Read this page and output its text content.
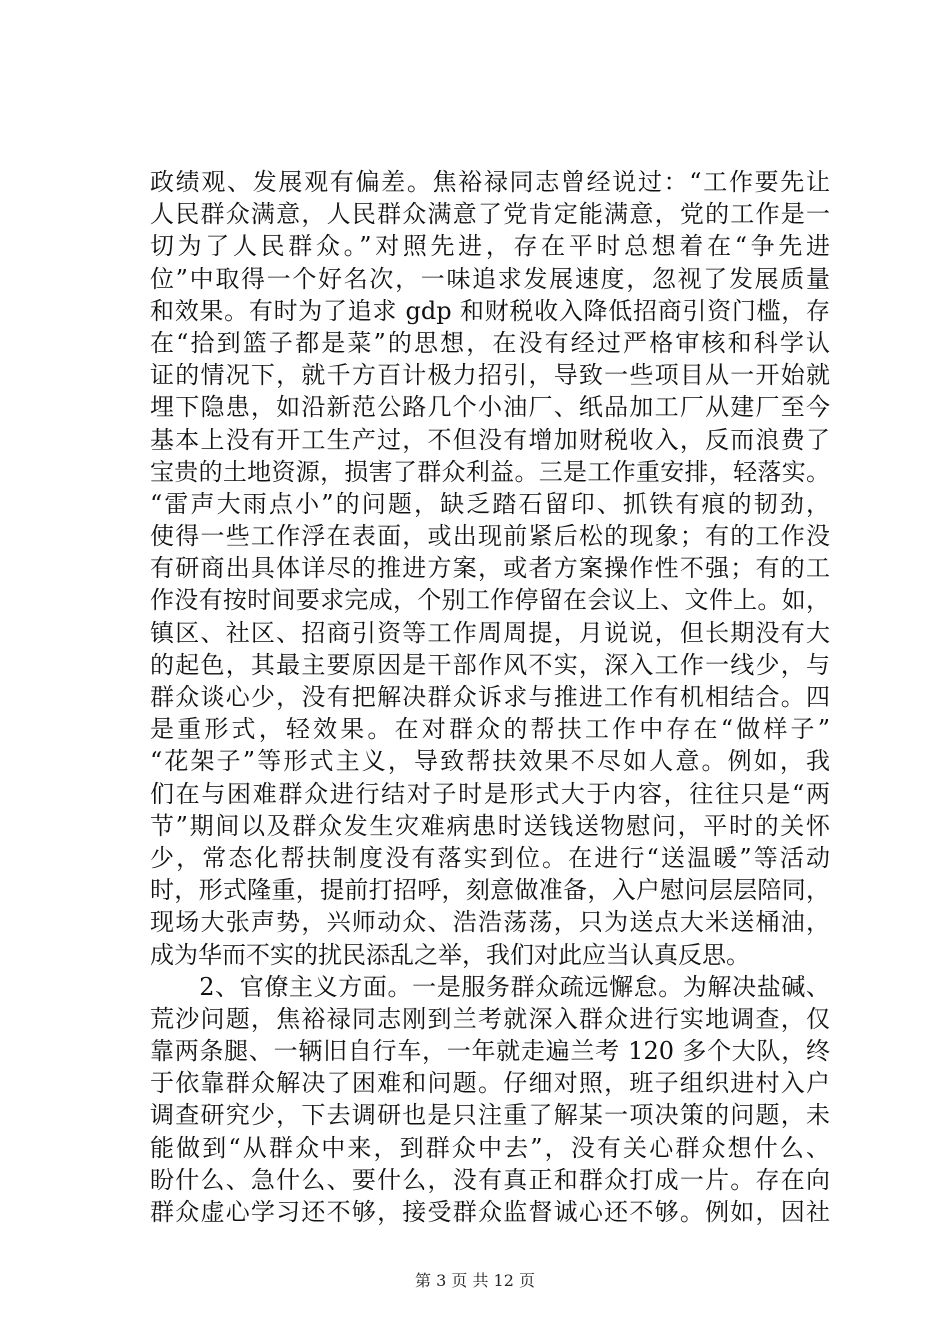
政绩观、发展观有偏差。焦裕禄同志曾经说过：“工作要先让
人民群众满意，人民群众满意了党肯定能满意，党的工作是一
切为了人民群众。”对照先进，存在平时总想着在“争先进
位”中取得一个好名次，一味追求发展速度，忽视了发展质量
和效果。有时为了追求 gdp 和财税收入降低招商引资门槛，存
在“拾到篮子都是菜”的思想，在没有经过严格审核和科学认
证的情况下，就千方百计极力招引，导致一些项目从一开始就
埋下隐患，如沿新范公路几个小油厂、纸品加工厂从建厂至今
基本上没有开工生产过，不但没有增加财税收入，反而浪费了
宝贵的土地资源，损害了群众利益。三是工作重安排，轻落实。
“雷声大雨点小”的问题，缺乏踏石留印、抓铁有痕的韧劲，
使得一些工作浮在表面，或出现前紧后松的现象；有的工作没
有研商出具体详尽的推进方案，或者方案操作性不强；有的工
作没有按时间要求完成，个别工作停留在会议上、文件上。如，
镇区、社区、招商引资等工作周周提，月说说，但长期没有大
的起色，其最主要原因是干部作风不实，深入工作一线少，与
群众谈心少，没有把解决群众诉求与推进工作有机相结合。四
是重形式，轻效果。在对群众的帮扶工作中存在“做样子”
“花架子”等形式主义，导致帮扶效果不尽如人意。例如，我
们在与困难群众进行结对子时是形式大于内容，往往只是“两
节”期间以及群众发生灾难病患时送钱送物慰问，平时的关怀
少，常态化帮扶制度没有落实到位。在进行“送温暖”等活动
时，形式隆重，提前打招呼，刻意做准备，入户慰问层层陪同，
现场大张声势，兴师动众、浩浩荡荡，只为送点大米送桶油，
成为华而不实的扰民添乱之举，我们对此应当认真反思。
　　2、官僚主义方面。一是服务群众疏远懈怠。为解决盐碱、
荒沙问题，焦裕禄同志刚到兰考就深入群众进行实地调查，仅
靠两条腿、一辆旧自行车，一年就走遍兰考 120 多个大队，终
于依靠群众解决了困难和问题。仔细对照，班子组织进村入户
调查研究少，下去调研也是只注重了解某一项决策的问题，未
能做到“从群众中来，到群众中去”，没有关心群众想什么、
盼什么、急什么、要什么，没有真正和群众打成一片。存在向
群众虚心学习还不够，接受群众监督诚心还不够。例如，因社
第 3 页 共 12 页
